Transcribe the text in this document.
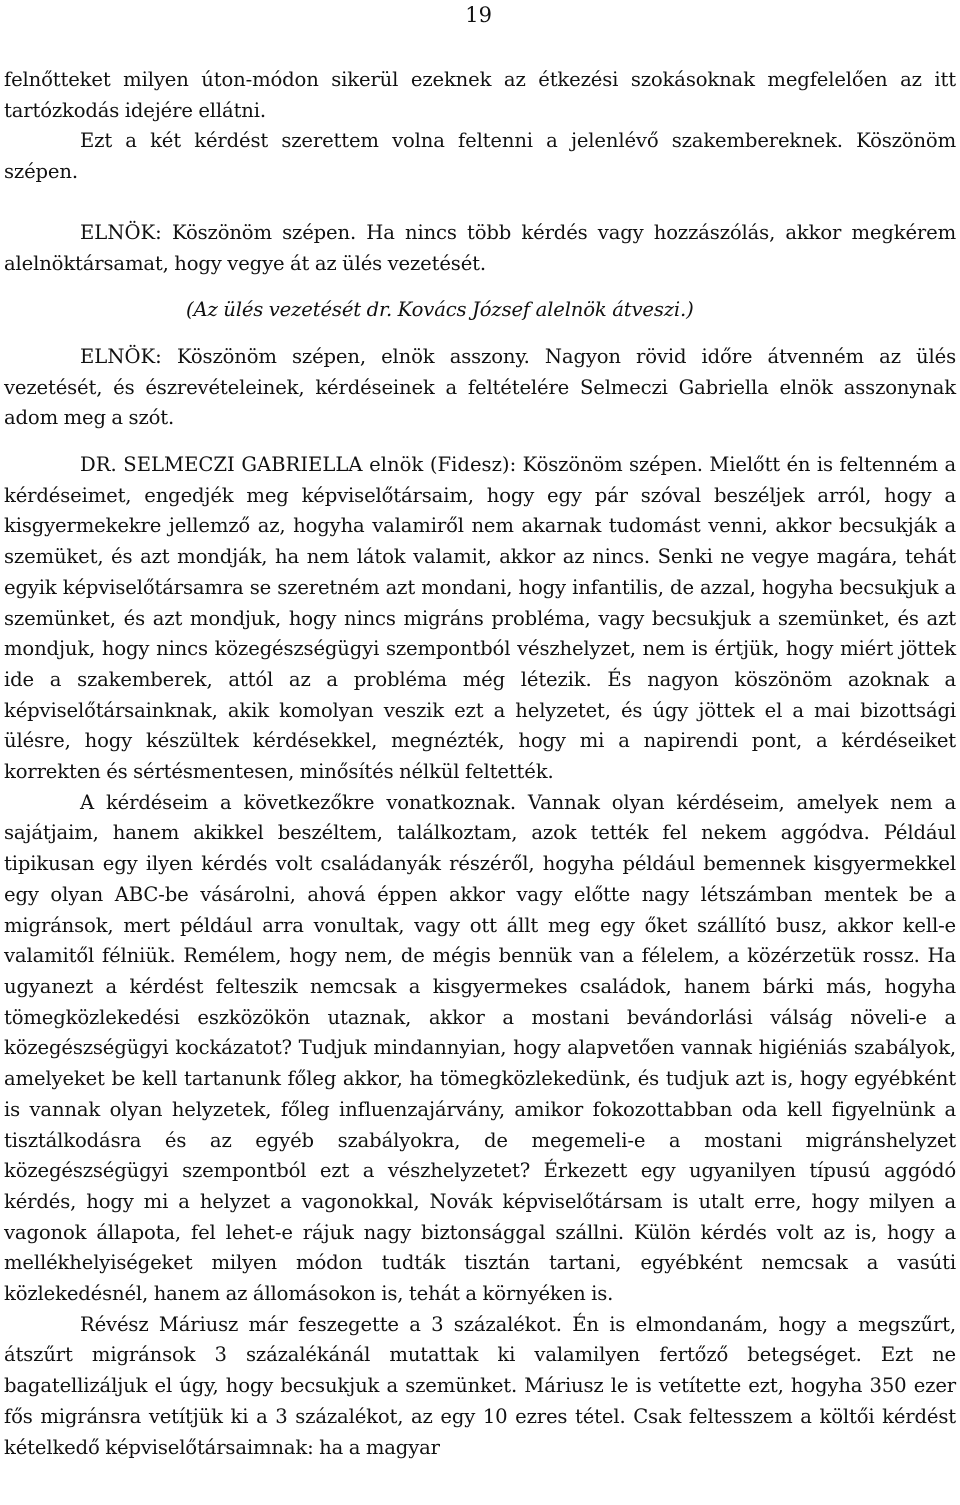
19

felnőtteket milyen úton-módon sikerül ezeknek az étkezési szokásoknak megfelelően az itt tartózkodás idejére ellátni.

Ezt a két kérdést szerettem volna feltenni a jelenlévő szakembereknek. Köszönöm szépen.

ELNÖK: Köszönöm szépen. Ha nincs több kérdés vagy hozzászólás, akkor megkérem alelnöktársamat, hogy vegye át az ülés vezetését.

(Az ülés vezetését dr. Kovács József alelnök átveszi.)

ELNÖK: Köszönöm szépen, elnök asszony. Nagyon rövid időre átvenném az ülés vezetését, és észrevételeinek, kérdéseinek a feltételére Selmeczi Gabriella elnök asszonynak adom meg a szót.

DR. SELMECZI GABRIELLA elnök (Fidesz): Köszönöm szépen. Mielőtt én is feltenném a kérdéseimet, engedjék meg képviselőtársaim, hogy egy pár szóval beszéljek arról, hogy a kisgyermekekre jellemző az, hogyha valamiről nem akarnak tudomást venni, akkor becsukják a szemüket, és azt mondják, ha nem látok valamit, akkor az nincs. Senki ne vegye magára, tehát egyik képviselőtársamra se szeretném azt mondani, hogy infantilis, de azzal, hogyha becsukjuk a szemünket, és azt mondjuk, hogy nincs migráns probléma, vagy becsukjuk a szemünket, és azt mondjuk, hogy nincs közegészségügyi szempontból vészhelyzet, nem is értjük, hogy miért jöttek ide a szakemberek, attól az a probléma még létezik. És nagyon köszönöm azoknak a képviselőtársainknak, akik komolyan veszik ezt a helyzetet, és úgy jöttek el a mai bizottsági ülésre, hogy készültek kérdésekkel, megnézték, hogy mi a napirendi pont, a kérdéseiket korrekten és sértésmentesen, minősítés nélkül feltették.

A kérdéseim a következőkre vonatkoznak. Vannak olyan kérdéseim, amelyek nem a sajátjaim, hanem akikkel beszéltem, találkoztam, azok tették fel nekem aggódva. Például tipikusan egy ilyen kérdés volt családanyák részéről, hogyha például bemennek kisgyermekkel egy olyan ABC-be vásárolni, ahová éppen akkor vagy előtte nagy létszámban mentek be a migránsok, mert például arra vonultak, vagy ott állt meg egy őket szállító busz, akkor kell-e valamitől félniük. Remélem, hogy nem, de mégis bennük van a félelem, a közérzetük rossz. Ha ugyanezt a kérdést felteszik nemcsak a kisgyermekes családok, hanem bárki más, hogyha tömegközlekedési eszközökön utaznak, akkor a mostani bevándorlási válság növeli-e a közegészségügyi kockázatot? Tudjuk mindannyian, hogy alapvetően vannak higiéniás szabályok, amelyeket be kell tartanunk főleg akkor, ha tömegközlekedünk, és tudjuk azt is, hogy egyébként is vannak olyan helyzetek, főleg influenzajárvány, amikor fokozottabban oda kell figyelnünk a tisztálkodásra és az egyéb szabályokra, de megemeli-e a mostani migránshelyzet közegészségügyi szempontból ezt a vészhelyzetet? Érkezett egy ugyanilyen típusú aggódó kérdés, hogy mi a helyzet a vagonokkal, Novák képviselőtársam is utalt erre, hogy milyen a vagonok állapota, fel lehet-e rájuk nagy biztonsággal szállni. Külön kérdés volt az is, hogy a mellékhelyiségeket milyen módon tudták tisztán tartani, egyébként nemcsak a vasúti közlekedésnél, hanem az állomásokon is, tehát a környéken is.

Révész Máriusz már feszegette a 3 százalékot. Én is elmondanám, hogy a megszűrt, átszűrt migránsok 3 százalékánál mutattak ki valamilyen fertőző betegséget. Ezt ne bagatellizáljuk el úgy, hogy becsukjuk a szemünket. Máriusz le is vetítette ezt, hogyha 350 ezer fős migránsra vetítjük ki a 3 százalékot, az egy 10 ezres tétel. Csak feltesszem a költői kérdést kételkedő képviselőtársaimnak: ha a magyar
